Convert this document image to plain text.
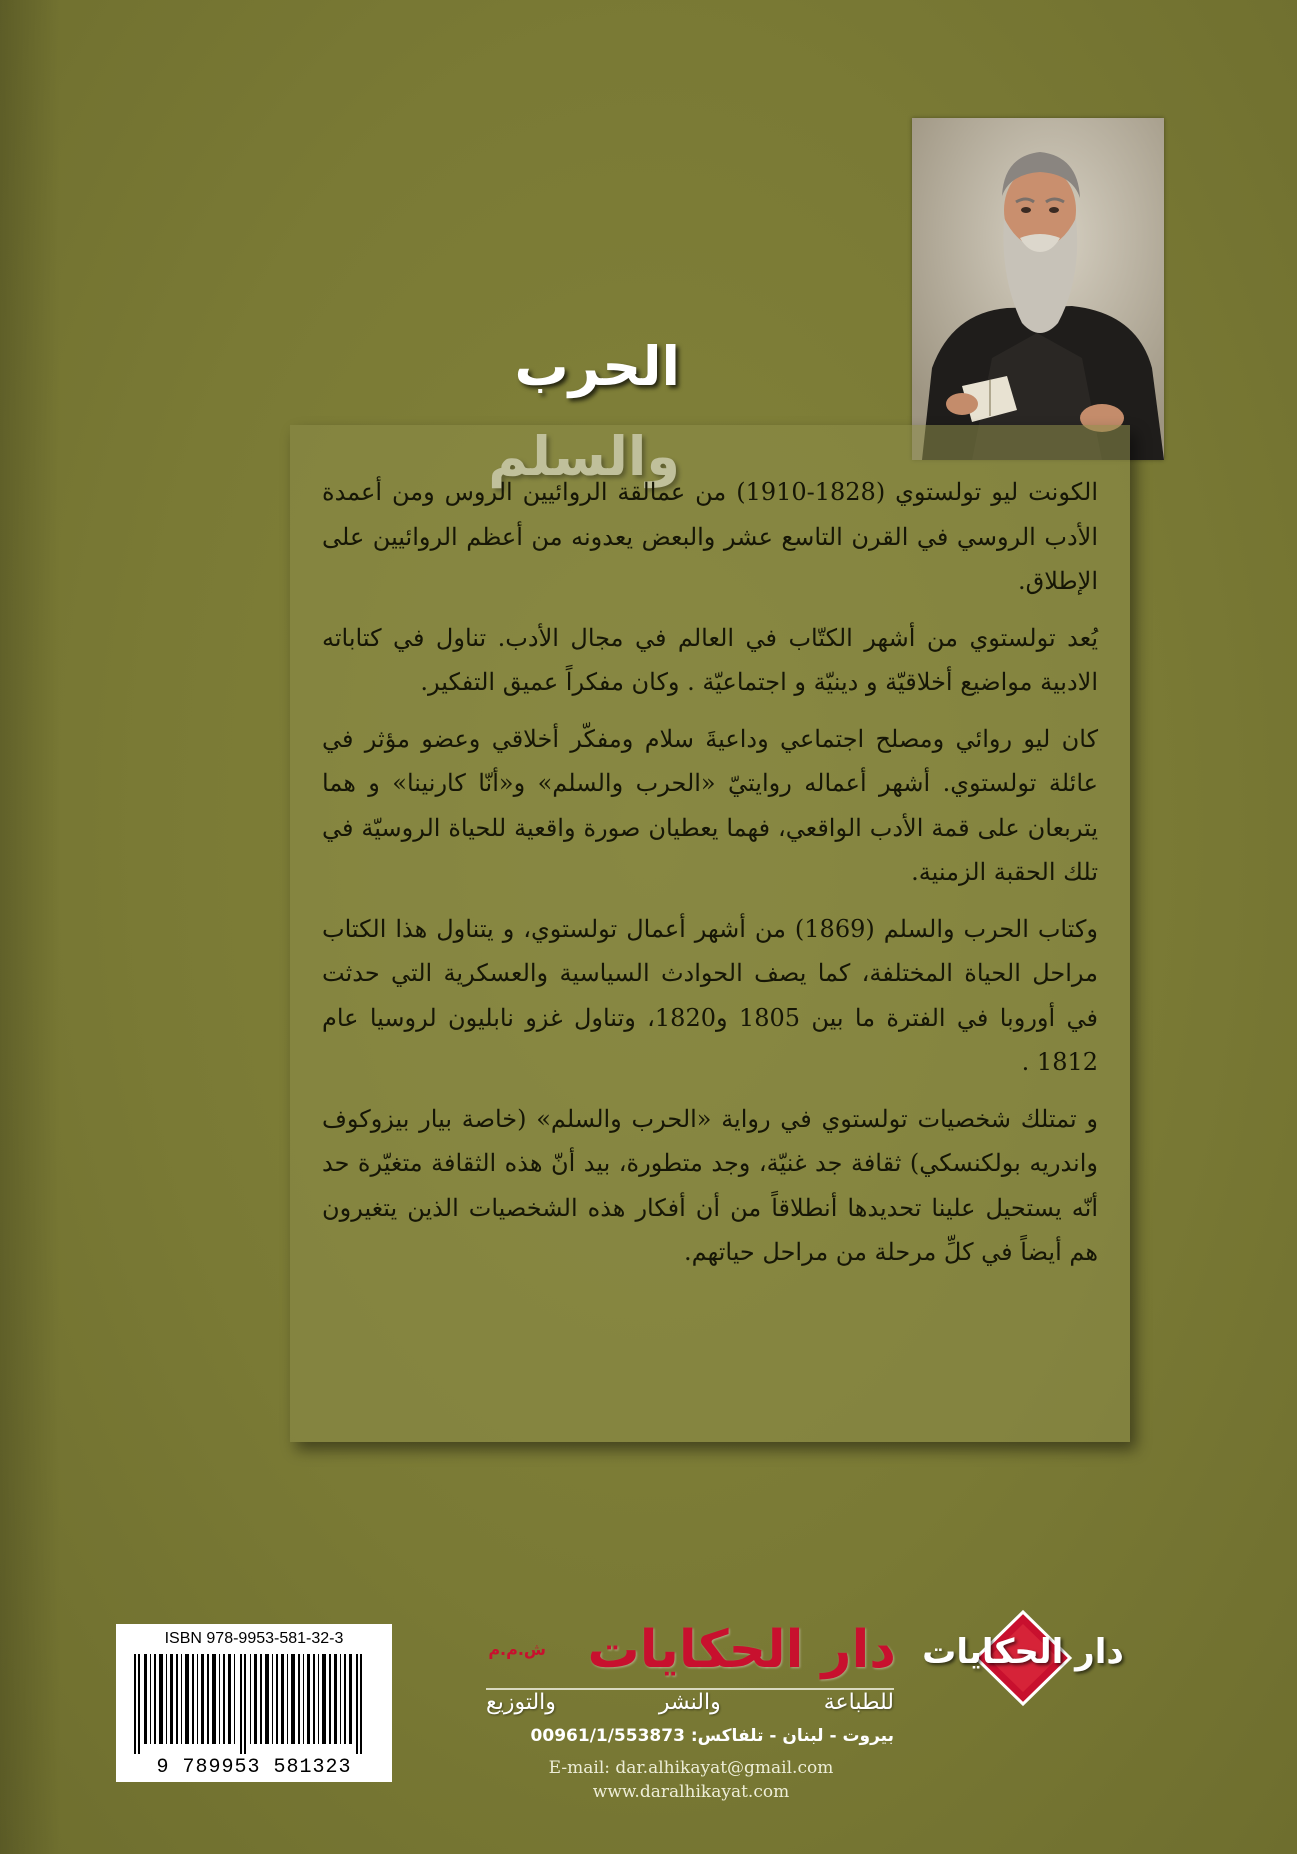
الحرب

الكونت ليو تولستوي (1828-1910) من عمالقة الروائيين الروس ومن أعمدة الأدب الروسي في القرن التاسع عشر والبعض يعدونه من أعظم الروائيين على الإطلاق.

يُعد تولستوي من أشهر الكتّاب في العالم في مجال الأدب. تناول في كتاباته الادبية مواضيع أخلاقيّة و دينيّة و اجتماعيّة . وكان مفكراً عميق التفكير.

كان ليو روائي ومصلح اجتماعي وداعيةَ سلام ومفكّر أخلاقي وعضو مؤثر في عائلة تولستوي. أشهر أعماله روايتيّ «الحرب والسلم» و«أنّا كارنينا» و هما يتربعان على قمة الأدب الواقعي، فهما يعطيان صورة واقعية للحياة الروسيّة في تلك الحقبة الزمنية.

وكتاب الحرب والسلم (1869) من أشهر أعمال تولستوي، و يتناول هذا الكتاب مراحل الحياة المختلفة، كما يصف الحوادث السياسية والعسكرية التي حدثت في أوروبا في الفترة ما بين 1805 و1820، وتناول غزو نابليون لروسيا عام 1812 .

و تمتلك شخصيات تولستوي في رواية «الحرب والسلم» (خاصة بيار بيزوكوف واندريه بولكنسكي) ثقافة جد غنيّة، وجد متطورة، بيد أنّ هذه الثقافة متغيّرة حد أنّه يستحيل علينا تحديدها أنطلاقاً من أن أفكار هذه الشخصيات الذين يتغيرون هم أيضاً في كلِّ مرحلة من مراحل حياتهم.

ISBN 978-9953-581-32-3
9 789953 581323
دار الحكايات
ش.م.م
للطباعة والنشر والتوزيع
بيروت - لبنان - تلفاكس: 00961/1/553873
E-mail: dar.alhikayat@gmail.com
www.daralhikayat.com
دار الحكايات
